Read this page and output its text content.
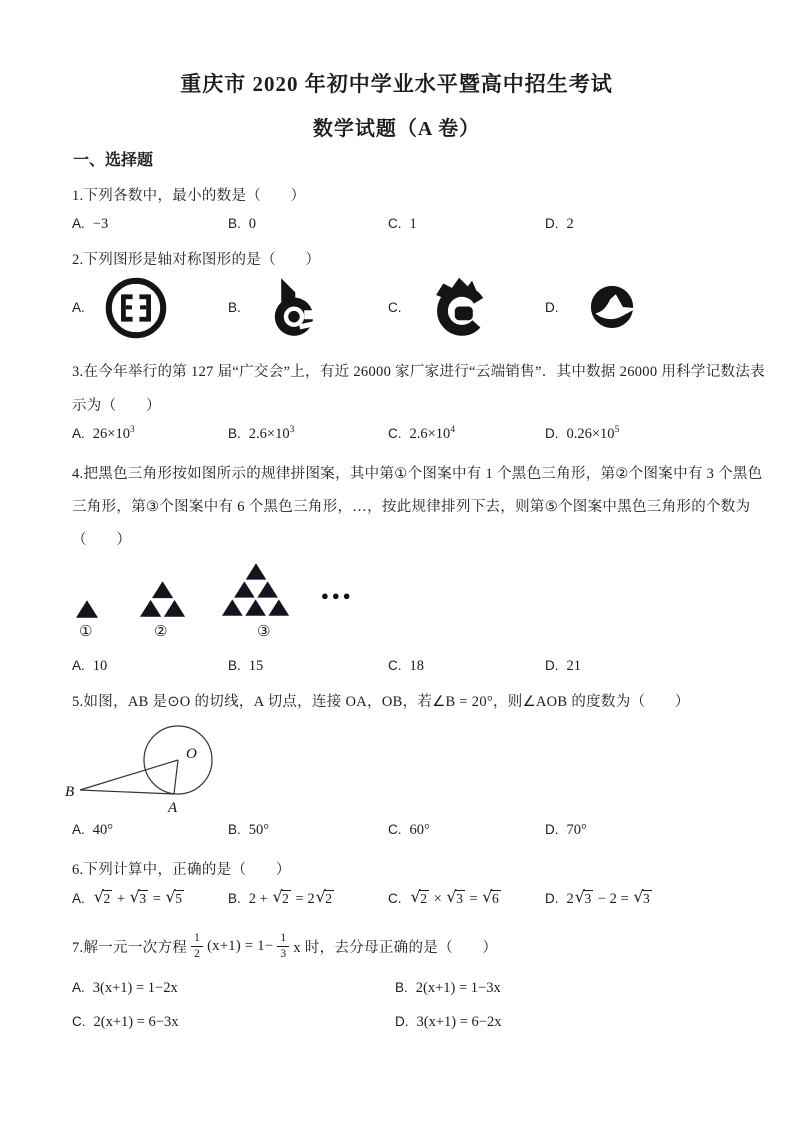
重庆市 2020 年初中学业水平暨高中招生考试
数学试题（A 卷）
一、选择题
1.下列各数中，最小的数是（　　）
A. −3	B. 0	C. 1	D. 2
2.下列图形是轴对称图形的是（　　）
A.	B.	C.	D.
3.在今年举行的第 127 届“广交会”上，有近 26000 家厂家进行“云端销售”．其中数据 26000 用科学记数法表
示为（　　）
A. $26\times 10^3$	B. $2.6\times 10^3$	C. $2.6\times 10^4$	D. $0.26\times 10^5$
4.把黑色三角形按如图所示的规律拼图案，其中第①个图案中有 1 个黑色三角形，第②个图案中有 3 个黑色
三角形，第③个图案中有 6 个黑色三角形，…，按此规律排列下去，则第⑤个图案中黑色三角形的个数为
（　　）
●●●
①	②	③
A. 10	B. 15	C. 18	D. 21
5.如图，AB 是⊙O 的切线，A 切点，连接 OA，OB，若∠B = 20°，则∠AOB 的度数为（　　）
B
O
A
A. 40°	B. 50°	C. 60°	D. 70°
6.下列计算中，正确的是（　　）
A. √ 2 + √ 3 = √ 5	B. 2 + √ 2 = 2 √ 2	C. √ 2 × √ 3 = √ 6	D. 2 √ 3 − 2 = √ 3
7.解一元一次方程 $\frac{1}{2} (x+1) = 1- \frac{1}{3}$ x 时，去分母正确的是（　　）
A. 3(x+1) = 1−2x	B. 2(x+1) = 1−3x
C. 2(x+1) = 6−3x	D. 3(x+1) = 6−2x
